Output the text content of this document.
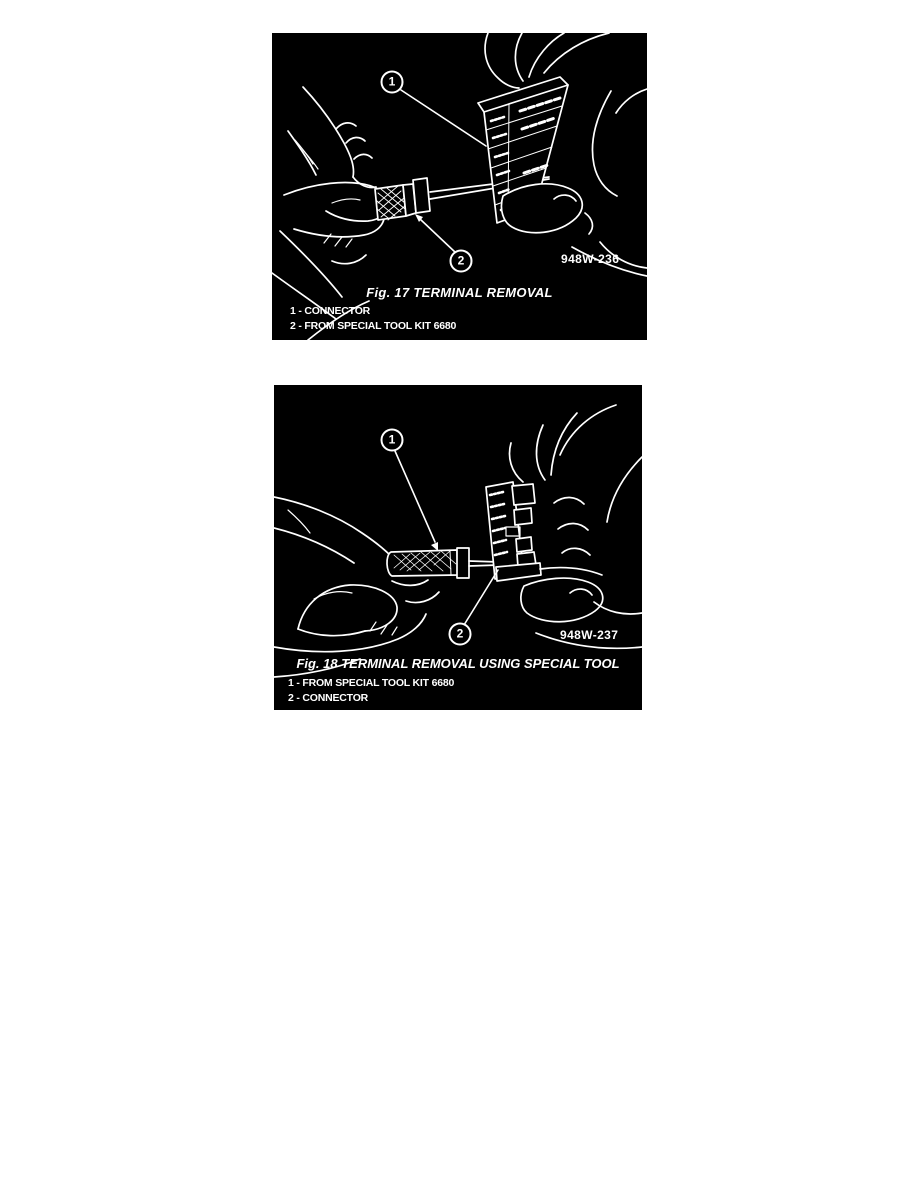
1
2	948W-236
Fig. 17 TERMINAL REMOVAL
1 - CONNECTOR
2 - FROM SPECIAL TOOL KIT 6680
1
2	948W-237
Fig. 18 TERMINAL REMOVAL USING SPECIAL TOOL
1 - FROM SPECIAL TOOL KIT 6680
2 - CONNECTOR
